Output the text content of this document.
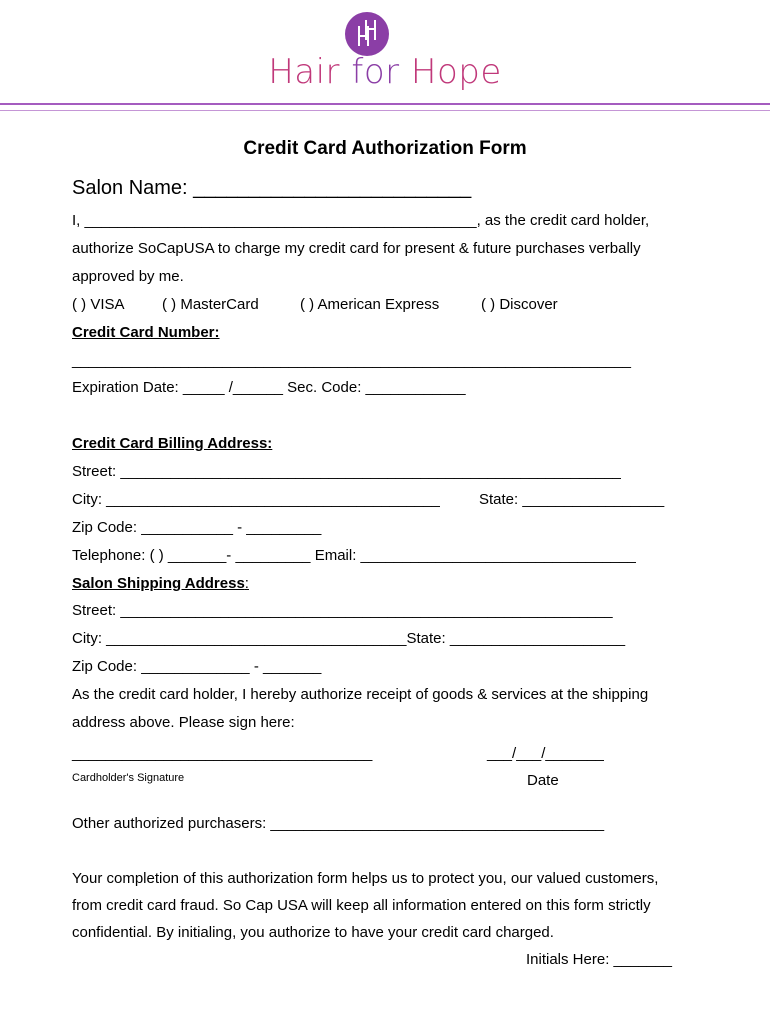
Hair for Hope
Credit Card Authorization Form
Salon Name: _________________________
I, _______________________________________________, as the credit card holder,
authorize SoCapUSA to charge my credit card for present & future purchases verbally
approved by me.
( ) VISA ( ) MasterCard	( ) American Express	( ) Discover
Credit Card Number:
___________________________________________________________________
Expiration Date: _____ /______ Sec. Code: ____________
Credit Card Billing Address:
Street: ____________________________________________________________
City: ________________________________________	State: _________________
Zip Code: ___________ - _________
Telephone: ( ) _______- _________ Email: _________________________________
Salon Shipping Address:
Street: ___________________________________________________________
City: ____________________________________State: _____________________
Zip Code: _____________ - _______
As the credit card holder, I hereby authorize receipt of goods & services at the shipping
address above. Please sign here:
____________________________________	___/___/_______
Cardholder's Signature	Date
Other authorized purchasers: ________________________________________
Your completion of this authorization form helps us to protect you, our valued customers,
from credit card fraud. So Cap USA will keep all information entered on this form strictly
confidential. By initialing, you authorize to have your credit card charged.
Initials Here: _______
